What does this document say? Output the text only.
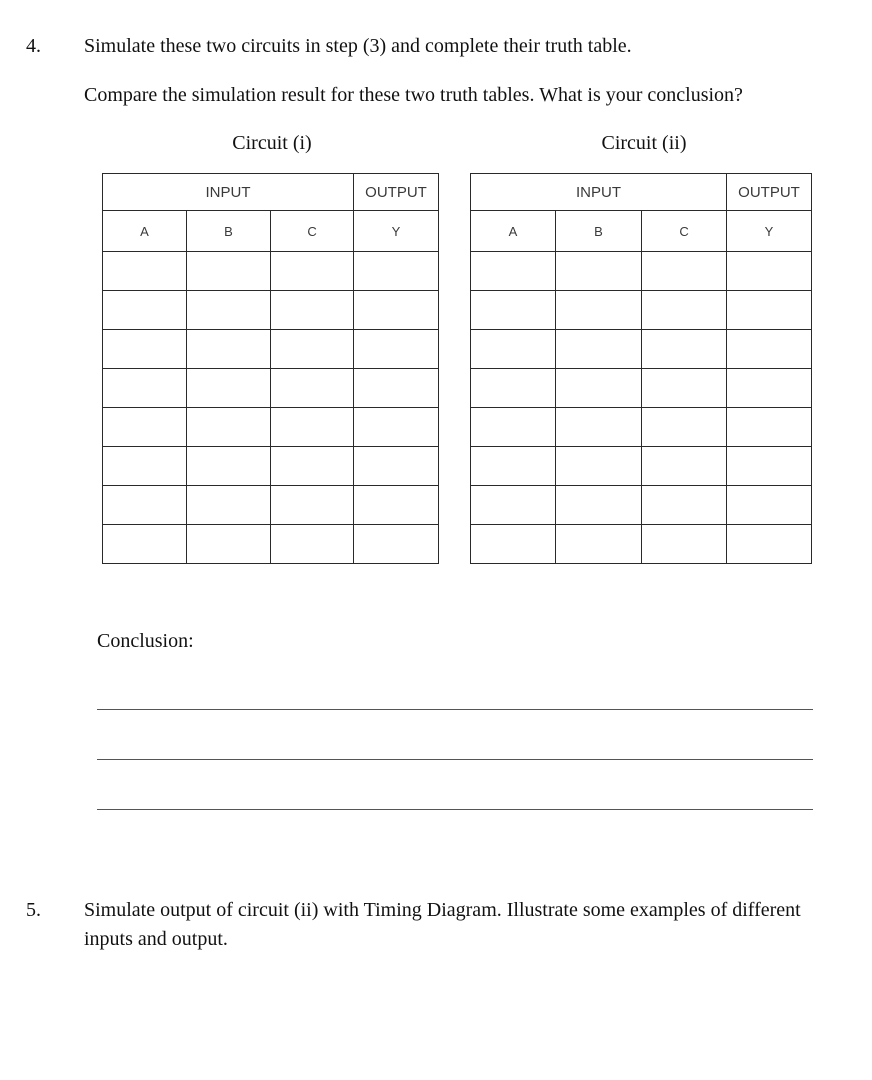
4. Simulate these two circuits in step (3) and complete their truth table.
Compare the simulation result for these two truth tables. What is your conclusion?
Circuit (i)	Circuit (ii)
INPUT			OUTPUT
A	B	C	Y

INPUT			OUTPUT
A	B	C	Y

Conclusion:
5. Simulate output of circuit (ii) with Timing Diagram. Illustrate some examples of different inputs and output.
